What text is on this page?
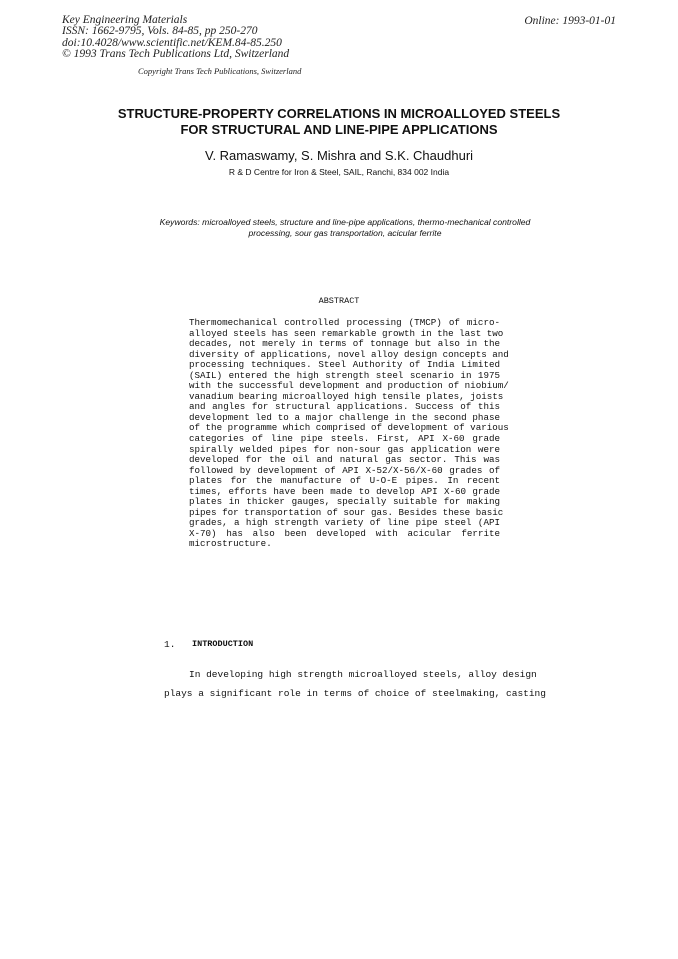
Key Engineering Materials
ISSN: 1662-9795, Vols. 84-85, pp 250-270
doi:10.4028/www.scientific.net/KEM.84-85.250
© 1993 Trans Tech Publications Ltd, Switzerland
Online: 1993-01-01
Copyright Trans Tech Publications, Switzerland
STRUCTURE-PROPERTY CORRELATIONS IN MICROALLOYED STEELS
FOR STRUCTURAL AND LINE-PIPE APPLICATIONS
V. Ramaswamy, S. Mishra and S.K. Chaudhuri
R & D Centre for Iron & Steel, SAIL, Ranchi, 834 002 India
Keywords: microalloyed steels, structure and line-pipe applications, thermo-mechanical controlled
processing, sour gas transportation, acicular ferrite
ABSTRACT
Thermomechanical controlled processing (TMCP) of micro-
alloyed steels has seen remarkable growth in the last two
decades, not merely in terms of tonnage but also in the
diversity of applications, novel alloy design concepts and
processing techniques. Steel Authority of India Limited
(SAIL) entered the high strength steel scenario in 1975
with the successful development and production of niobium/
vanadium bearing microalloyed high tensile plates, joists
and angles for structural applications. Success of this
development led to a major challenge in the second phase
of the programme which comprised of development of various
categories of line pipe steels. First, API X-60 grade
spirally welded pipes for non-sour gas application were
developed for the oil and natural gas sector. This was
followed by development of API X-52/X-56/X-60 grades of
plates for the manufacture of U-O-E pipes. In recent
times, efforts have been made to develop API X-60 grade
plates in thicker gauges, specially suitable for making
pipes for transportation of sour gas. Besides these basic
grades, a high strength variety of line pipe steel (API
X-70) has also been developed with acicular ferrite
microstructure.
1. INTRODUCTION
In developing high strength microalloyed steels, alloy design
plays a significant role in terms of choice of steelmaking, casting
